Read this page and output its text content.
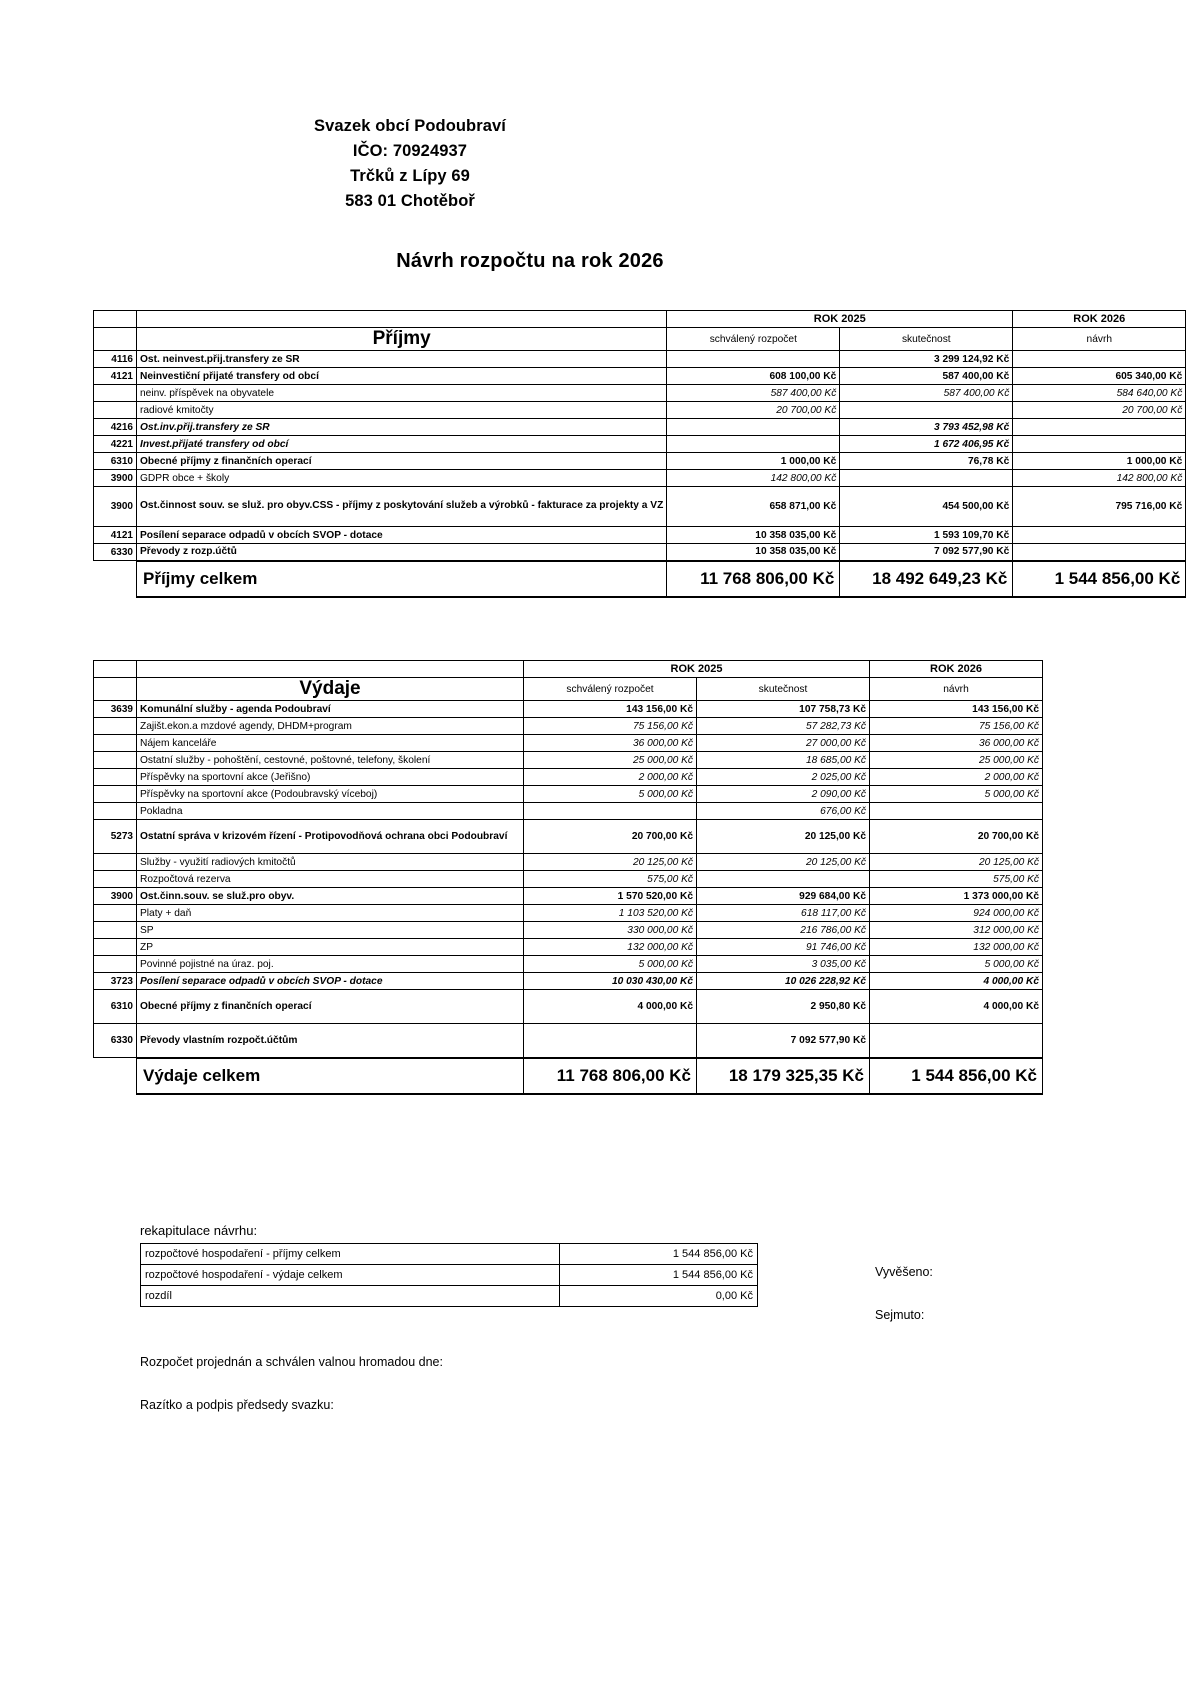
Svazek obcí Podoubraví
IČO: 70924937
Trčků z Lípy 69
583 01 Chotěboř
Návrh rozpočtu na rok 2026
		ROK 2025		ROK 2026
	Příjmy	schválený rozpočet	skutečnost	návrh
4116	Ost. neinvest.přij.transfery ze SR		3 299 124,92 Kč	
4121	Neinvestiční přijaté transfery od obcí	608 100,00 Kč	587 400,00 Kč	605 340,00 Kč
	neinv. příspěvek na obyvatele	587 400,00 Kč	587 400,00 Kč	584 640,00 Kč
	radiové kmitočty	20 700,00 Kč		20 700,00 Kč
4216	Ost.inv.přij.transfery ze SR		3 793 452,98 Kč	
4221	Invest.přijaté transfery od obcí		1 672 406,95 Kč	
6310	Obecné příjmy z finančních operací	1 000,00 Kč	76,78 Kč	1 000,00 Kč
3900	GDPR obce + školy	142 800,00 Kč		142 800,00 Kč
3900	Ost.činnost souv. se služ. pro obyv.CSS - příjmy z poskytování služeb a výrobků - fakturace za projekty a VZ	658 871,00 Kč	454 500,00 Kč	795 716,00 Kč
4121	Posílení separace odpadů v obcích SVOP - dotace	10 358 035,00 Kč	1 593 109,70 Kč	
6330	Převody z rozp.účtů	10 358 035,00 Kč	7 092 577,90 Kč	
	Příjmy celkem	11 768 806,00 Kč	18 492 649,23 Kč	1 544 856,00 Kč
		ROK 2025		ROK 2026
	Výdaje	schválený rozpočet	skutečnost	návrh
3639	Komunální služby - agenda Podoubraví	143 156,00 Kč	107 758,73 Kč	143 156,00 Kč
	Zajišt.ekon.a mzdové agendy, DHDM+program	75 156,00 Kč	57 282,73 Kč	75 156,00 Kč
	Nájem kanceláře	36 000,00 Kč	27 000,00 Kč	36 000,00 Kč
	Ostatní služby - pohoštění, cestovné, poštovné, telefony, školení	25 000,00 Kč	18 685,00 Kč	25 000,00 Kč
	Příspěvky na sportovní akce (Jeřišno)	2 000,00 Kč	2 025,00 Kč	2 000,00 Kč
	Příspěvky na sportovní akce (Podoubravský víceboj)	5 000,00 Kč	2 090,00 Kč	5 000,00 Kč
	Pokladna		676,00 Kč	
5273	Ostatní správa v krizovém řízení - Protipovodňová ochrana obci Podoubraví	20 700,00 Kč	20 125,00 Kč	20 700,00 Kč
	Služby - využití radiových kmitočtů	20 125,00 Kč	20 125,00 Kč	20 125,00 Kč
	Rozpočtová rezerva	575,00 Kč		575,00 Kč
3900	Ost.činn.souv. se služ.pro obyv.	1 570 520,00 Kč	929 684,00 Kč	1 373 000,00 Kč
	Platy + daň	1 103 520,00 Kč	618 117,00 Kč	924 000,00 Kč
	SP	330 000,00 Kč	216 786,00 Kč	312 000,00 Kč
	ZP	132 000,00 Kč	91 746,00 Kč	132 000,00 Kč
	Povinné pojistné na úraz. poj.	5 000,00 Kč	3 035,00 Kč	5 000,00 Kč
3723	Posílení separace odpadů v obcích SVOP - dotace	10 030 430,00 Kč	10 026 228,92 Kč	4 000,00 Kč
6310	Obecné příjmy z finančních operací	4 000,00 Kč	2 950,80 Kč	4 000,00 Kč
6330	Převody vlastním rozpočt.účtům		7 092 577,90 Kč	
	Výdaje celkem	11 768 806,00 Kč	18 179 325,35 Kč	1 544 856,00 Kč
rekapitulace návrhu:
rozpočtové hospodaření - příjmy celkem	1 544 856,00 Kč
rozpočtové hospodaření - výdaje celkem	1 544 856,00 Kč
rozdíl	0,00 Kč
Vyvěšeno:
Sejmuto:
Rozpočet projednán a schválen valnou hromadou dne:
Razítko a podpis předsedy svazku:
